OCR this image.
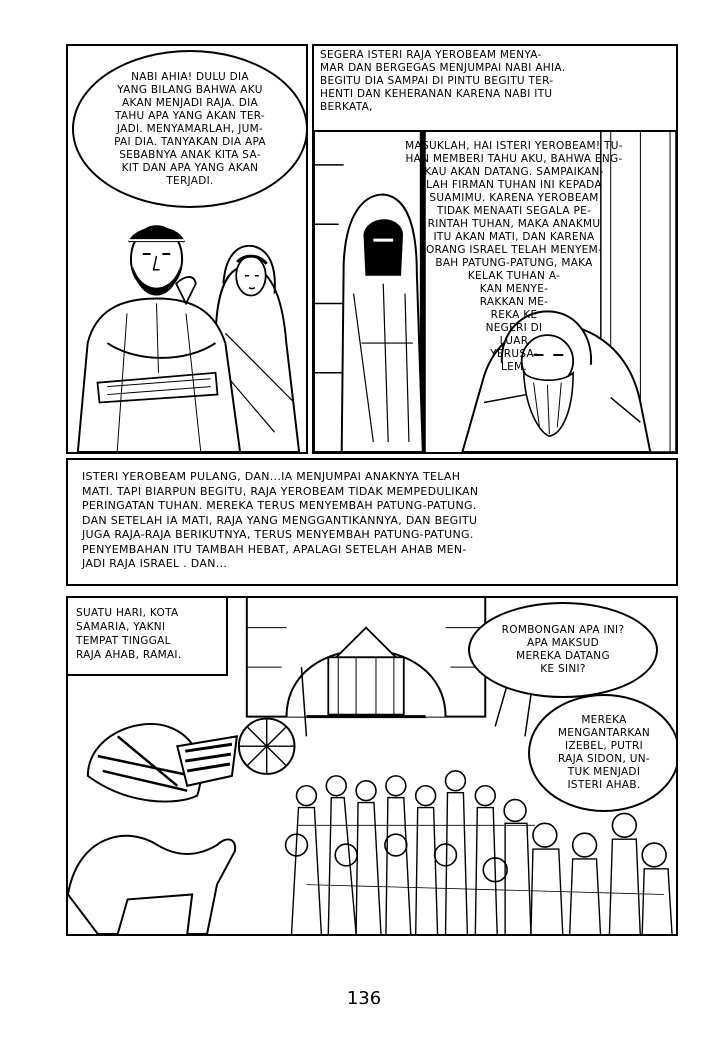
NABI AHIA! DULU DIA
YANG BILANG BAHWA AKU
AKAN MENJADI RAJA. DIA
TAHU APA YANG AKAN TER-
JADI. MENYAMARLAH, JUM-
PAI DIA. TANYAKAN DIA APA
SEBABNYA ANAK KITA SA-
KIT DAN APA YANG AKAN
TERJADI.
SEGERA ISTERI RAJA YEROBEAM MENYA-
MAR DAN BERGEGAS MENJUMPAI NABI AHIA.
BEGITU DIA SAMPAI DI PINTU BEGITU TER-
HENTI DAN KEHERANAN KARENA NABI ITU
BERKATA,
MASUKLAH, HAI ISTERI YEROBEAM! TU-
HAN MEMBERI TAHU AKU, BAHWA ENG-
KAU AKAN DATANG. SAMPAIKAN-
LAH FIRMAN TUHAN INI KEPADA
SUAMIMU. KARENA YEROBEAM
TIDAK MENAATI SEGALA PE-
RINTAH TUHAN, MAKA ANAKMU
ITU AKAN MATI, DAN KARENA
ORANG ISRAEL TELAH MENYEM-
BAH PATUNG-PATUNG, MAKA
KELAK TUHAN A-
KAN MENYE-
RAKKAN ME-
REKA KE
NEGERI DI
LUAR
YERUSA-
LEM.
ISTERI YEROBEAM PULANG, DAN...IA MENJUMPAI ANAKNYA TELAH
MATI. TAPI BIARPUN BEGITU, RAJA YEROBEAM TIDAK MEMPEDULIKAN
PERINGATAN TUHAN. MEREKA TERUS MENYEMBAH PATUNG-PATUNG.
DAN SETELAH IA MATI, RAJA YANG MENGGANTIKANNYA, DAN BEGITU
JUGA RAJA-RAJA BERIKUTNYA, TERUS MENYEMBAH PATUNG-PATUNG.
PENYEMBAHAN ITU TAMBAH HEBAT, APALAGI SETELAH AHAB MEN-
JADI RAJA ISRAEL . DAN...
SUATU HARI, KOTA
SAMARIA, YAKNI
TEMPAT TINGGAL
RAJA AHAB, RAMAI.
ROMBONGAN APA INI?
APA MAKSUD
MEREKA DATANG
KE SINI?
MEREKA
MENGANTARKAN
IZEBEL, PUTRI
RAJA SIDON, UN-
TUK MENJADI
ISTERI AHAB.
136
